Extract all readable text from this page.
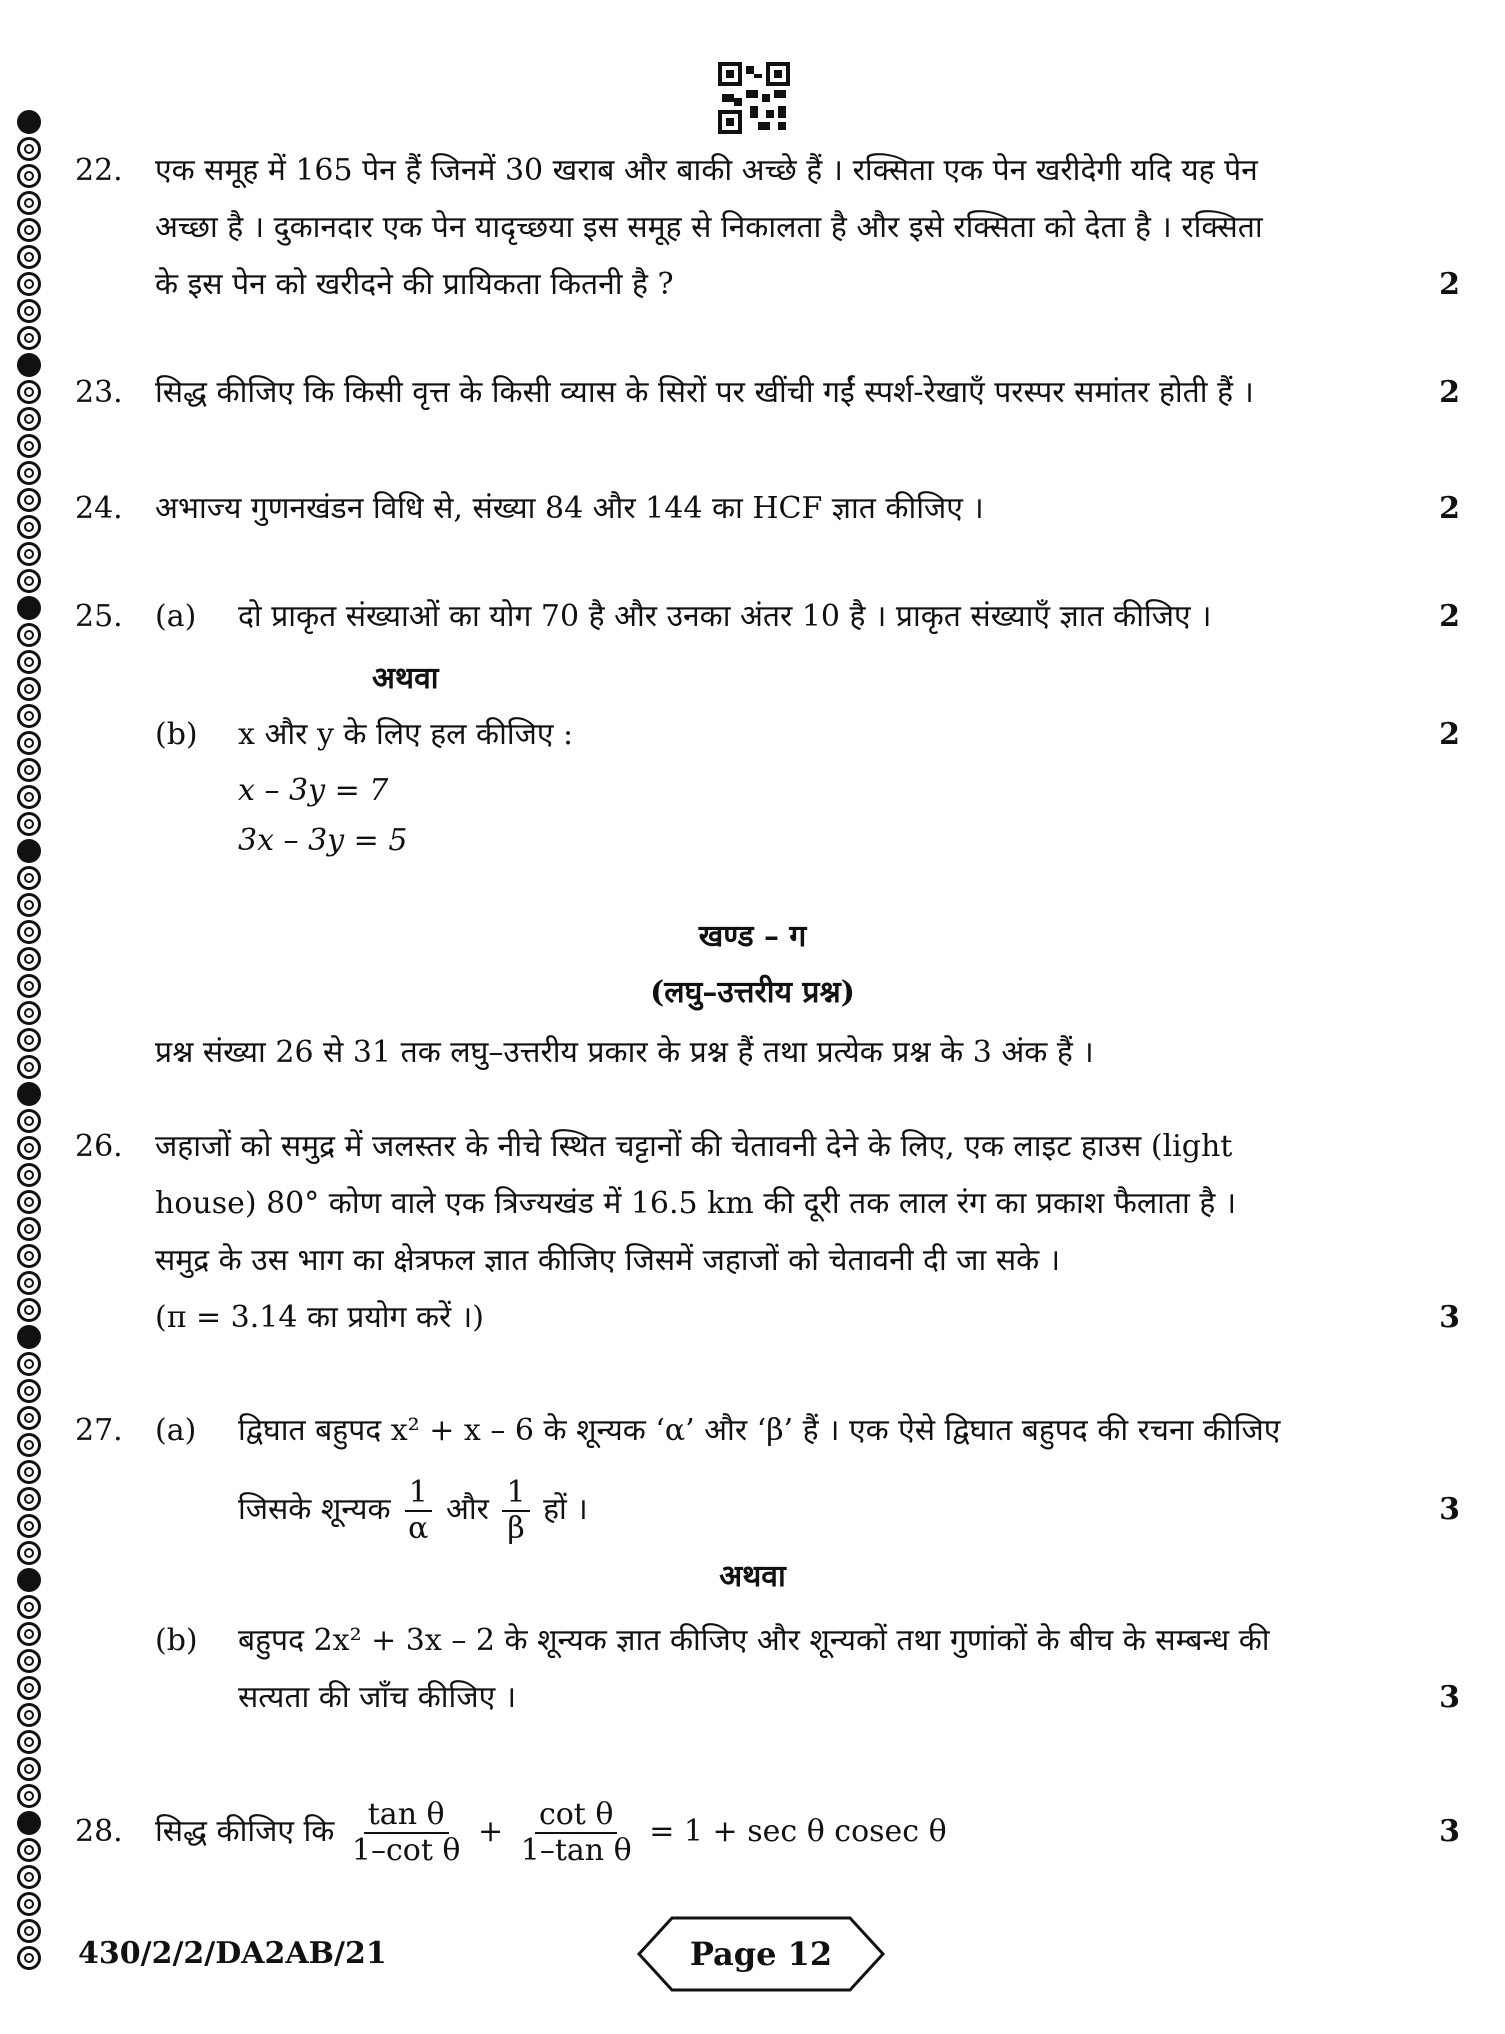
22. एक समूह में 165 पेन हैं जिनमें 30 खराब और बाकी अच्छे हैं । रक्सिता एक पेन खरीदेगी यदि यह पेन
अच्छा है । दुकानदार एक पेन यादृच्छया इस समूह से निकालता है और इसे रक्सिता को देता है । रक्सिता
के इस पेन को खरीदने की प्रायिकता कितनी है ?	2
23. सिद्ध कीजिए कि किसी वृत्त के किसी व्यास के सिरों पर खींची गईं स्पर्श-रेखाएँ परस्पर समांतर होती हैं ।	2
24. अभाज्य गुणनखंडन विधि से, संख्या 84 और 144 का HCF ज्ञात कीजिए ।	2
25. (a) दो प्राकृत संख्याओं का योग 70 है और उनका अंतर 10 है । प्राकृत संख्याएँ ज्ञात कीजिए ।	2
अथवा
(b) x और y के लिए हल कीजिए :	2
x – 3y = 7
3x – 3y = 5
खण्ड – ग
(लघु–उत्तरीय प्रश्न)
प्रश्न संख्या 26 से 31 तक लघु–उत्तरीय प्रकार के प्रश्न हैं तथा प्रत्येक प्रश्न के 3 अंक हैं ।
26. जहाजों को समुद्र में जलस्तर के नीचे स्थित चट्टानों की चेतावनी देने के लिए, एक लाइट हाउस (light
house) 80° कोण वाले एक त्रिज्यखंड में 16.5 km की दूरी तक लाल रंग का प्रकाश फैलाता है ।
समुद्र के उस भाग का क्षेत्रफल ज्ञात कीजिए जिसमें जहाजों को चेतावनी दी जा सके ।
(π = 3.14 का प्रयोग करें ।)	3
27. (a) द्विघात बहुपद x² + x – 6 के शून्यक ‘α’ और ‘β’ हैं । एक ऐसे द्विघात बहुपद की रचना कीजिए
जिसके शून्यक $\frac{1}{\alpha}$ और $\frac{1}{\beta}$ हों ।	3
अथवा
(b) बहुपद 2x² + 3x – 2 के शून्यक ज्ञात कीजिए और शून्यकों तथा गुणांकों के बीच के सम्बन्ध की
सत्यता की जाँच कीजिए ।	3
28. सिद्ध कीजिए कि $\frac{\text{tan θ}}{\text{1–cot θ}} + \frac{\text{cot θ}}{\text{1–tan θ}} = 1 + \sec \theta$ cosec θ	3
430/2/2/DA2AB/21	Page 12
